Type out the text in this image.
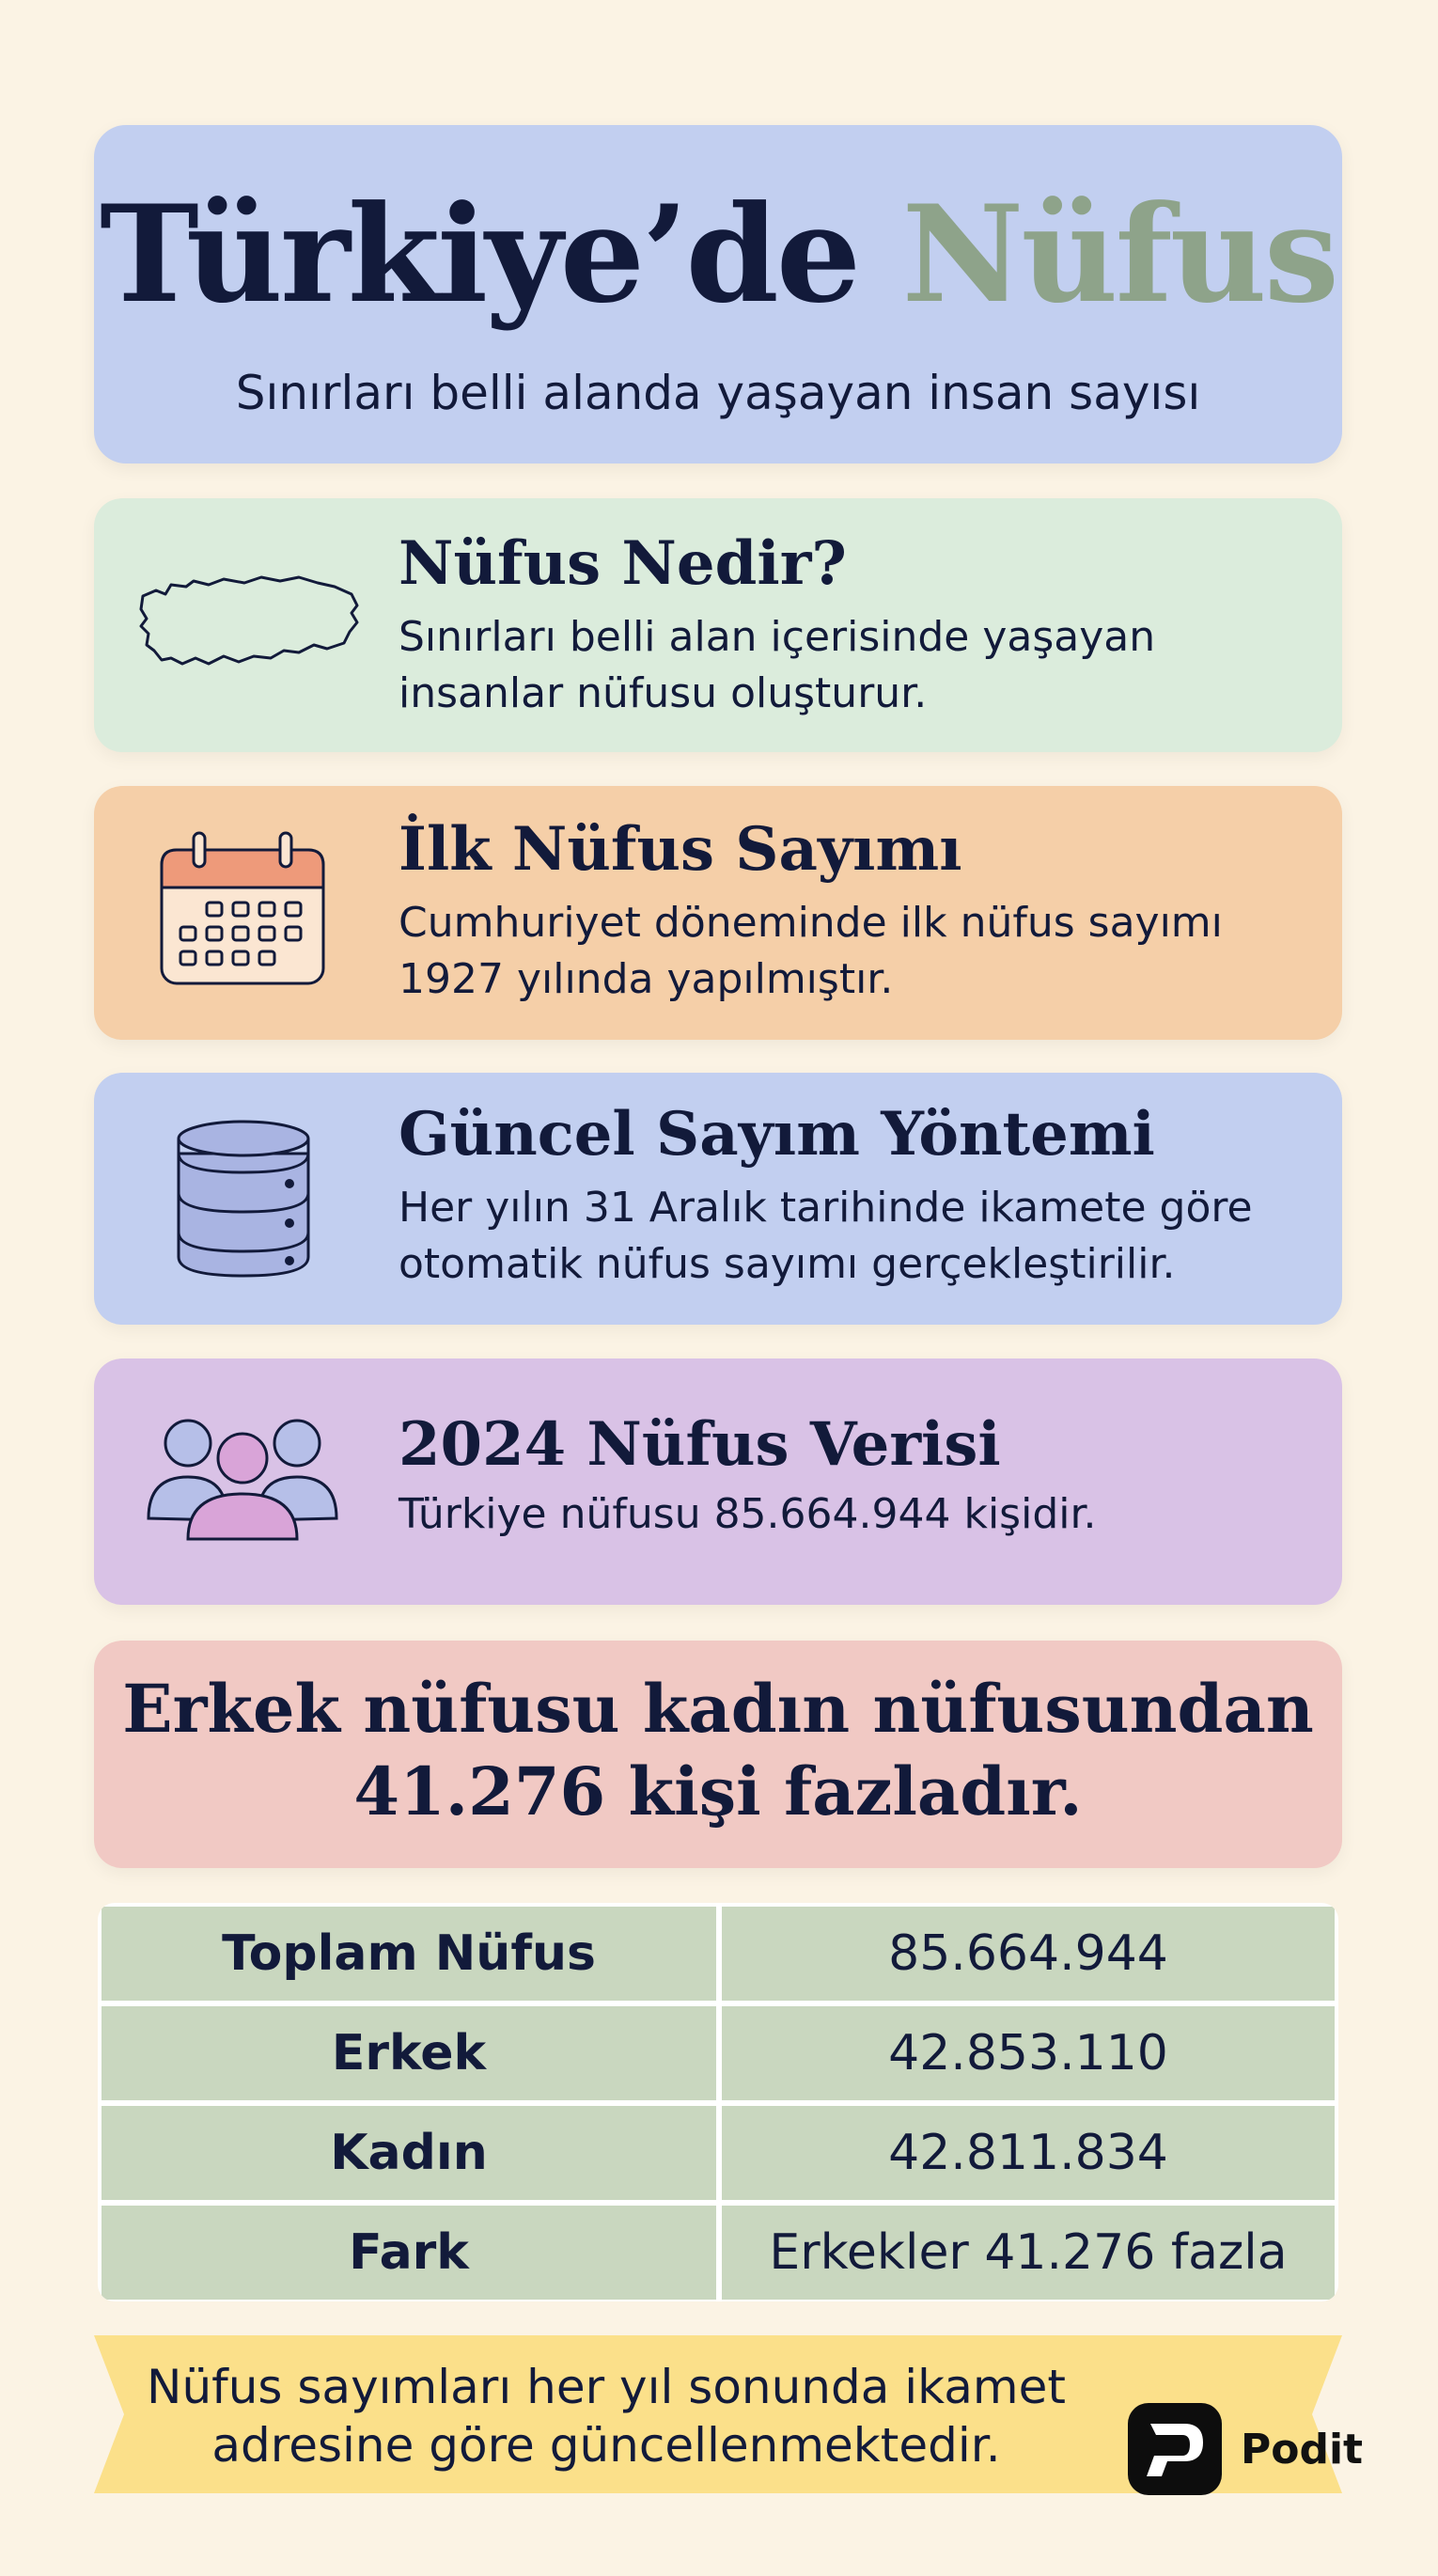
Türkiye’de Nüfus
Sınırları belli alanda yaşayan insan sayısı
Nüfus Nedir?
Sınırları belli alan içerisinde yaşayan
insanlar nüfusu oluşturur.
İlk Nüfus Sayımı
Cumhuriyet döneminde ilk nüfus sayımı
1927 yılında yapılmıştır.
Güncel Sayım Yöntemi
Her yılın 31 Aralık tarihinde ikamete göre
otomatik nüfus sayımı gerçekleştirilir.
2024 Nüfus Verisi
Türkiye nüfusu 85.664.944 kişidir.
Erkek nüfusu kadın nüfusundan
41.276 kişi fazladır.
Toplam Nüfus	85.664.944
Erkek	42.853.110
Kadın	42.811.834
Fark	Erkekler 41.276 fazla
Nüfus sayımları her yıl sonunda ikamet
adresine göre güncellenmektedir.	Podit
